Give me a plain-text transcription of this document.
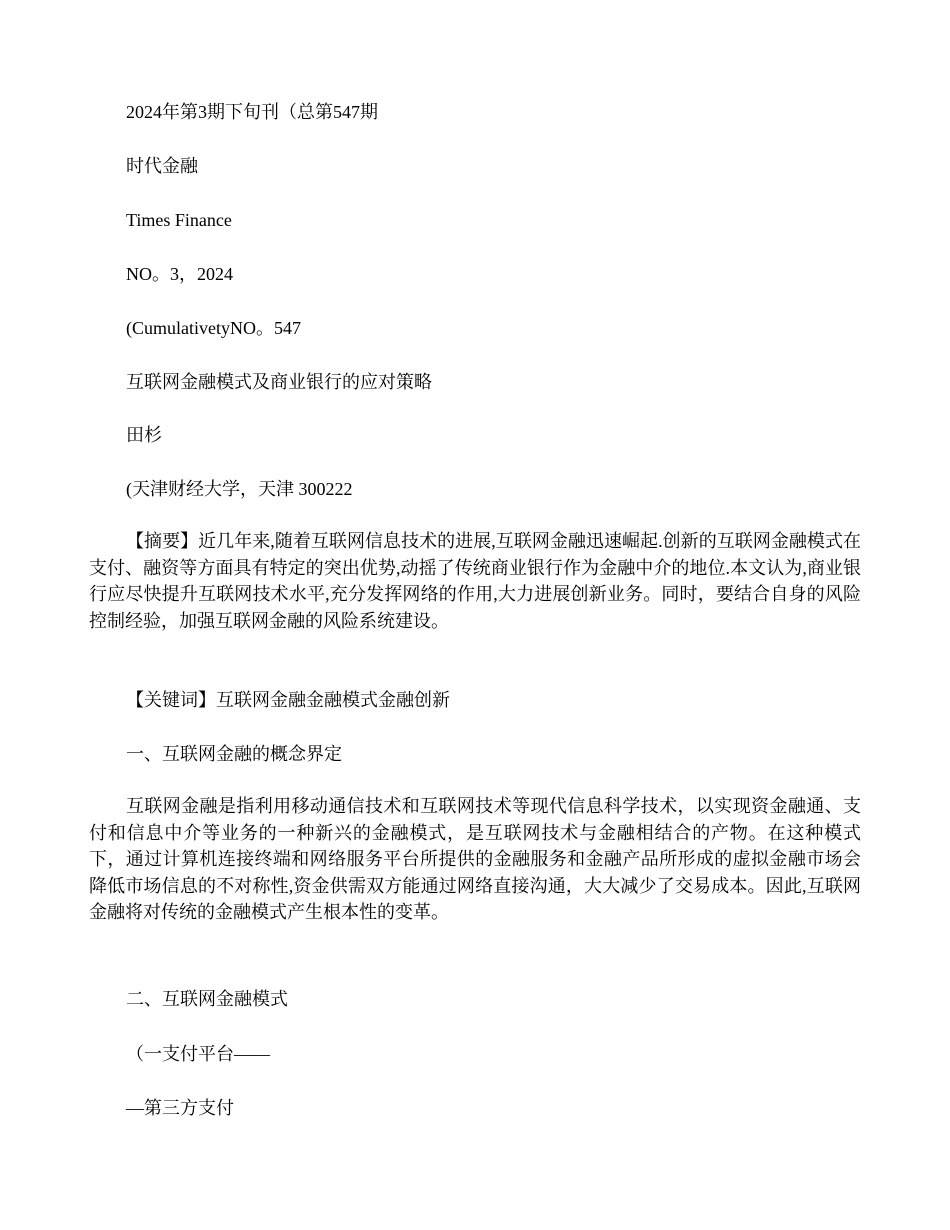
2024年第3期下旬刊（总第547期
时代金融
Times Finance
NO。3，2024
(CumulativetyNO。547
互联网金融模式及商业银行的应对策略
田杉
(天津财经大学，天津 300222

【摘要】近几年来,随着互联网信息技术的进展,互联网金融迅速崛起.创新的互联网金融模式在支付、融资等方面具有特定的突出优势,动摇了传统商业银行作为金融中介的地位.本文认为,商业银行应尽快提升互联网技术水平,充分发挥网络的作用,大力进展创新业务。同时，要结合自身的风险控制经验，加强互联网金融的风险系统建设。

【关键词】互联网金融金融模式金融创新
一、互联网金融的概念界定

互联网金融是指利用移动通信技术和互联网技术等现代信息科学技术，以实现资金融通、支付和信息中介等业务的一种新兴的金融模式，是互联网技术与金融相结合的产物。在这种模式下，通过计算机连接终端和网络服务平台所提供的金融服务和金融产品所形成的虚拟金融市场会降低市场信息的不对称性,资金供需双方能通过网络直接沟通，大大减少了交易成本。因此,互联网金融将对传统的金融模式产生根本性的变革。

二、互联网金融模式
（一支付平台——
—第三方支付
